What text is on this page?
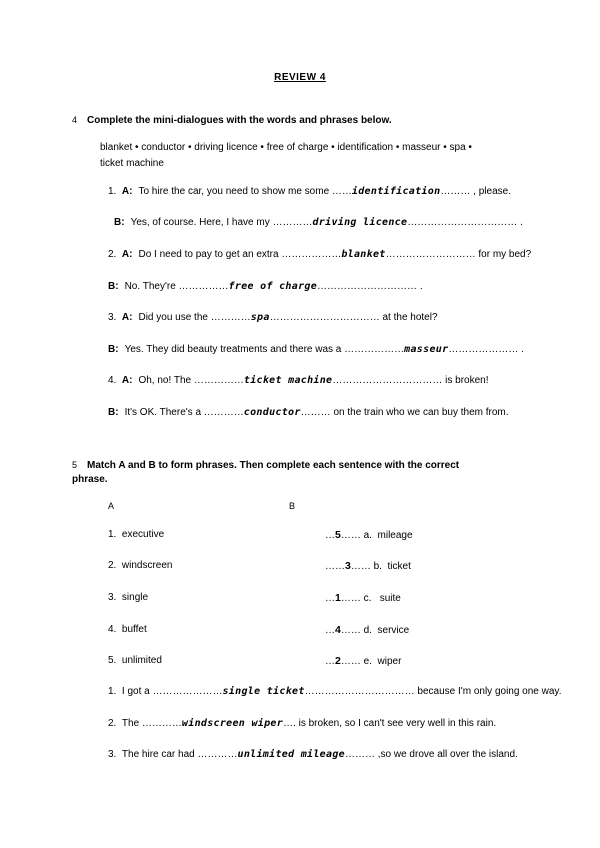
REVIEW 4
4 Complete the mini-dialogues with the words and phrases below.
blanket • conductor • driving licence • free of charge • identification • masseur • spa •
ticket machine
1. A: To hire the car, you need to show me some ……identification……… , please.
B: Yes, of course. Here, I have my …………driving licence…………………………… .
2. A: Do I need to pay to get an extra ………………blanket……………………… for my bed?
B: No. They're ……………free of charge………………………… .
3. A: Did you use the …………spa…………………………… at the hotel?
B: Yes. They did beauty treatments and there was a ………………masseur………………… .
4. A: Oh, no! The ……………ticket machine…………………………… is broken!
B: It's OK. There's a …………conductor……… on the train who we can buy them from.
5 Match A and B to form phrases. Then complete each sentence with the correct
phrase.
A	B
1. executive	…5…… a. mileage
2. windscreen	……3…… b. ticket
3. single	…1…… c. suite
4. buffet	…4…… d. service
5. unlimited	…2…… e. wiper
1. I got a …………………single ticket…………………………… because I'm only going one way.
2. The …………windscreen wiper…. is broken, so I can't see very well in this rain.
3. The hire car had …………unlimited mileage……… ,so we drove all over the island.
